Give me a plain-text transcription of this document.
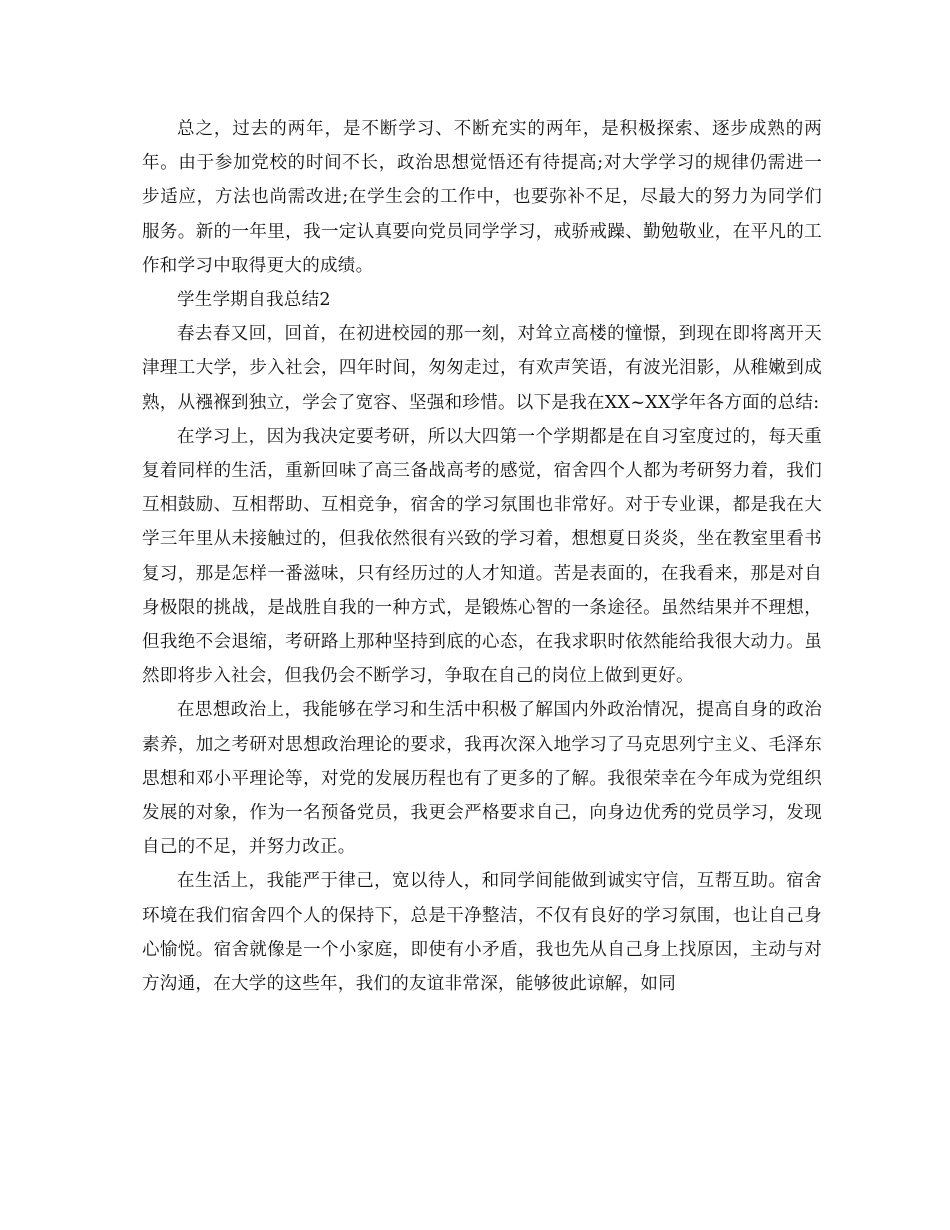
总之，过去的两年，是不断学习、不断充实的两年，是积极探索、逐步成熟的两年。由于参加党校的时间不长，政治思想觉悟还有待提高;对大学学习的规律仍需进一步适应，方法也尚需改进;在学生会的工作中，也要弥补不足，尽最大的努力为同学们服务。新的一年里，我一定认真要向党员同学学习，戒骄戒躁、勤勉敬业，在平凡的工作和学习中取得更大的成绩。

学生学期自我总结2

春去春又回，回首，在初进校园的那一刻，对耸立高楼的憧憬，到现在即将离开天津理工大学，步入社会，四年时间，匆匆走过，有欢声笑语，有波光泪影，从稚嫩到成熟，从襁褓到独立，学会了宽容、坚强和珍惜。以下是我在XX~XX学年各方面的总结:

在学习上，因为我决定要考研，所以大四第一个学期都是在自习室度过的，每天重复着同样的生活，重新回味了高三备战高考的感觉，宿舍四个人都为考研努力着，我们互相鼓励、互相帮助、互相竞争，宿舍的学习氛围也非常好。对于专业课，都是我在大学三年里从未接触过的，但我依然很有兴致的学习着，想想夏日炎炎，坐在教室里看书复习，那是怎样一番滋味，只有经历过的人才知道。苦是表面的，在我看来，那是对自身极限的挑战，是战胜自我的一种方式，是锻炼心智的一条途径。虽然结果并不理想，但我绝不会退缩，考研路上那种坚持到底的心态，在我求职时依然能给我很大动力。虽然即将步入社会，但我仍会不断学习，争取在自己的岗位上做到更好。

在思想政治上，我能够在学习和生活中积极了解国内外政治情况，提高自身的政治素养，加之考研对思想政治理论的要求，我再次深入地学习了马克思列宁主义、毛泽东思想和邓小平理论等，对党的发展历程也有了更多的了解。我很荣幸在今年成为党组织发展的对象，作为一名预备党员，我更会严格要求自己，向身边优秀的党员学习，发现自己的不足，并努力改正。

在生活上，我能严于律己，宽以待人，和同学间能做到诚实守信，互帮互助。宿舍环境在我们宿舍四个人的保持下，总是干净整洁，不仅有良好的学习氛围，也让自己身心愉悦。宿舍就像是一个小家庭，即使有小矛盾，我也先从自己身上找原因，主动与对方沟通，在大学的这些年，我们的友谊非常深，能够彼此谅解，如同
